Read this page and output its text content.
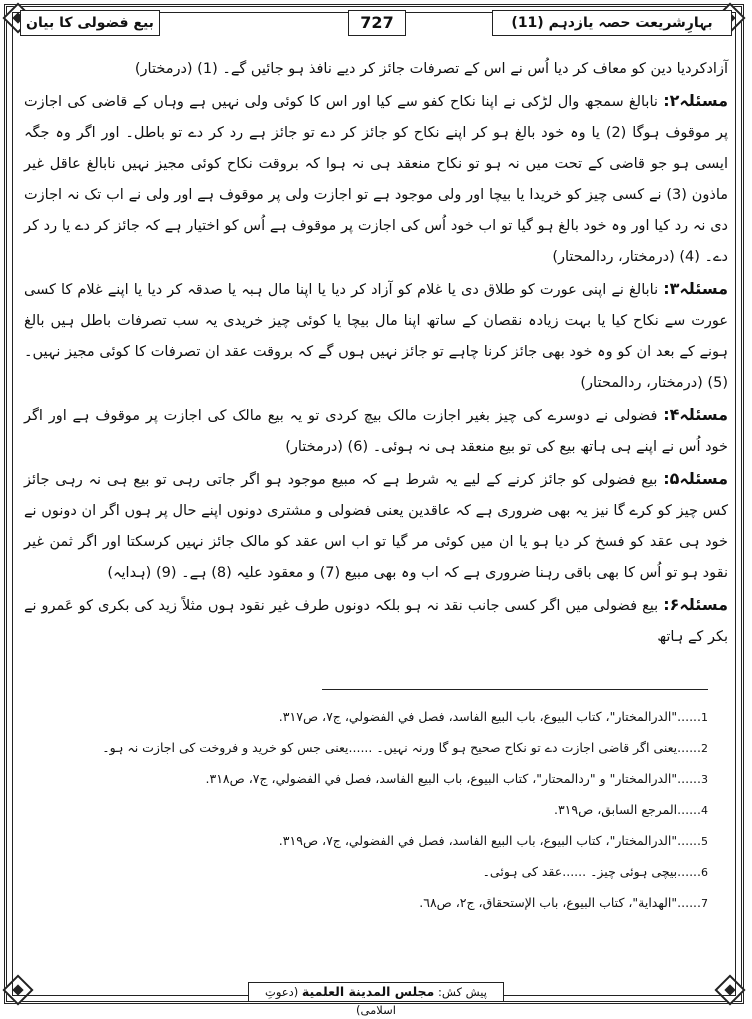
بہارِشریعت حصہ یازدہم (11)
727
بیع فضولی کا بیان

آزادکردیا دین کو معاف کر دیا اُس نے اس کے تصرفات جائز کر دیے نافذ ہو جائیں گے۔ (1) (درمختار)

مسئلہ۲: نابالغ سمجھ وال لڑکی نے اپنا نکاح کفو سے کیا اور اس کا کوئی ولی نہیں ہے وہاں کے قاضی کی اجازت پر موقوف ہوگا (2) یا وہ خود بالغ ہو کر اپنے نکاح کو جائز کر دے تو جائز ہے رد کر دے تو باطل۔ اور اگر وہ جگہ ایسی ہو جو قاضی کے تحت میں نہ ہو تو نکاح منعقد ہی نہ ہوا کہ بروقت نکاح کوئی مجیز نہیں نابالغ عاقل غیر ماذون (3) نے کسی چیز کو خریدا یا بیچا اور ولی موجود ہے تو اجازت ولی پر موقوف ہے اور ولی نے اب تک نہ اجازت دی نہ رد کیا اور وہ خود بالغ ہو گیا تو اب خود اُس کی اجازت پر موقوف ہے اُس کو اختیار ہے کہ جائز کر دے یا رد کر دے۔ (4) (درمختار، ردالمحتار)

مسئلہ۳: نابالغ نے اپنی عورت کو طلاق دی یا غلام کو آزاد کر دیا یا اپنا مال ہبہ یا صدقہ کر دیا یا اپنے غلام کا کسی عورت سے نکاح کیا یا بہت زیادہ نقصان کے ساتھ اپنا مال بیچا یا کوئی چیز خریدی یہ سب تصرفات باطل ہیں بالغ ہونے کے بعد ان کو وہ خود بھی جائز کرنا چاہے تو جائز نہیں ہوں گے کہ بروقت عقد ان تصرفات کا کوئی مجیز نہیں۔ (5) (درمختار، ردالمحتار)

مسئلہ۴: فضولی نے دوسرے کی چیز بغیر اجازت مالک بیچ کردی تو یہ بیع مالک کی اجازت پر موقوف ہے اور اگر خود اُس نے اپنے ہی ہاتھ بیع کی تو بیع منعقد ہی نہ ہوئی۔ (6) (درمختار)

مسئلہ۵: بیع فضولی کو جائز کرنے کے لیے یہ شرط ہے کہ مبیع موجود ہو اگر جاتی رہی تو بیع ہی نہ رہی جائز کس چیز کو کرے گا نیز یہ بھی ضروری ہے کہ عاقدین یعنی فضولی و مشتری دونوں اپنے حال پر ہوں اگر ان دونوں نے خود ہی عقد کو فسخ کر دیا ہو یا ان میں کوئی مر گیا تو اب اس عقد کو مالک جائز نہیں کرسکتا اور اگر ثمن غیر نقود ہو تو اُس کا بھی باقی رہنا ضروری ہے کہ اب وہ بھی مبیع (7) و معقود علیہ (8) ہے۔ (9) (ہدایہ)

مسئلہ۶: بیع فضولی میں اگر کسی جانب نقد نہ ہو بلکہ دونوں طرف غیر نقود ہوں مثلاً زید کی بکری کو عَمرو نے بکر کے ہاتھ

1......"الدرالمختار"، كتاب البيوع، باب البيع الفاسد، فصل في الفضولي، ج٧، ص٣١٧.

2......یعنی اگر قاضی اجازت دے تو نکاح صحیح ہو گا ورنہ نہیں۔ ......یعنی جس کو خرید و فروخت کی اجازت نہ ہو۔

3......"الدرالمختار" و "ردالمحتار"، كتاب البيوع، باب البيع الفاسد، فصل في الفضولي، ج٧، ص٣١٨.

4......المرجع السابق، ص٣١٩.

5......"الدرالمختار"، كتاب البيوع، باب البيع الفاسد، فصل في الفضولي، ج٧، ص٣١٩.

6......بیچی ہوئی چیز۔ ......عقد کی ہوئی۔

7......"الهداية"، كتاب البيوع، باب الإستحقاق، ج٢، ص٦٨.

پیش کش: مجلس المدينة العلمية (دعوتِ اسلامی)
